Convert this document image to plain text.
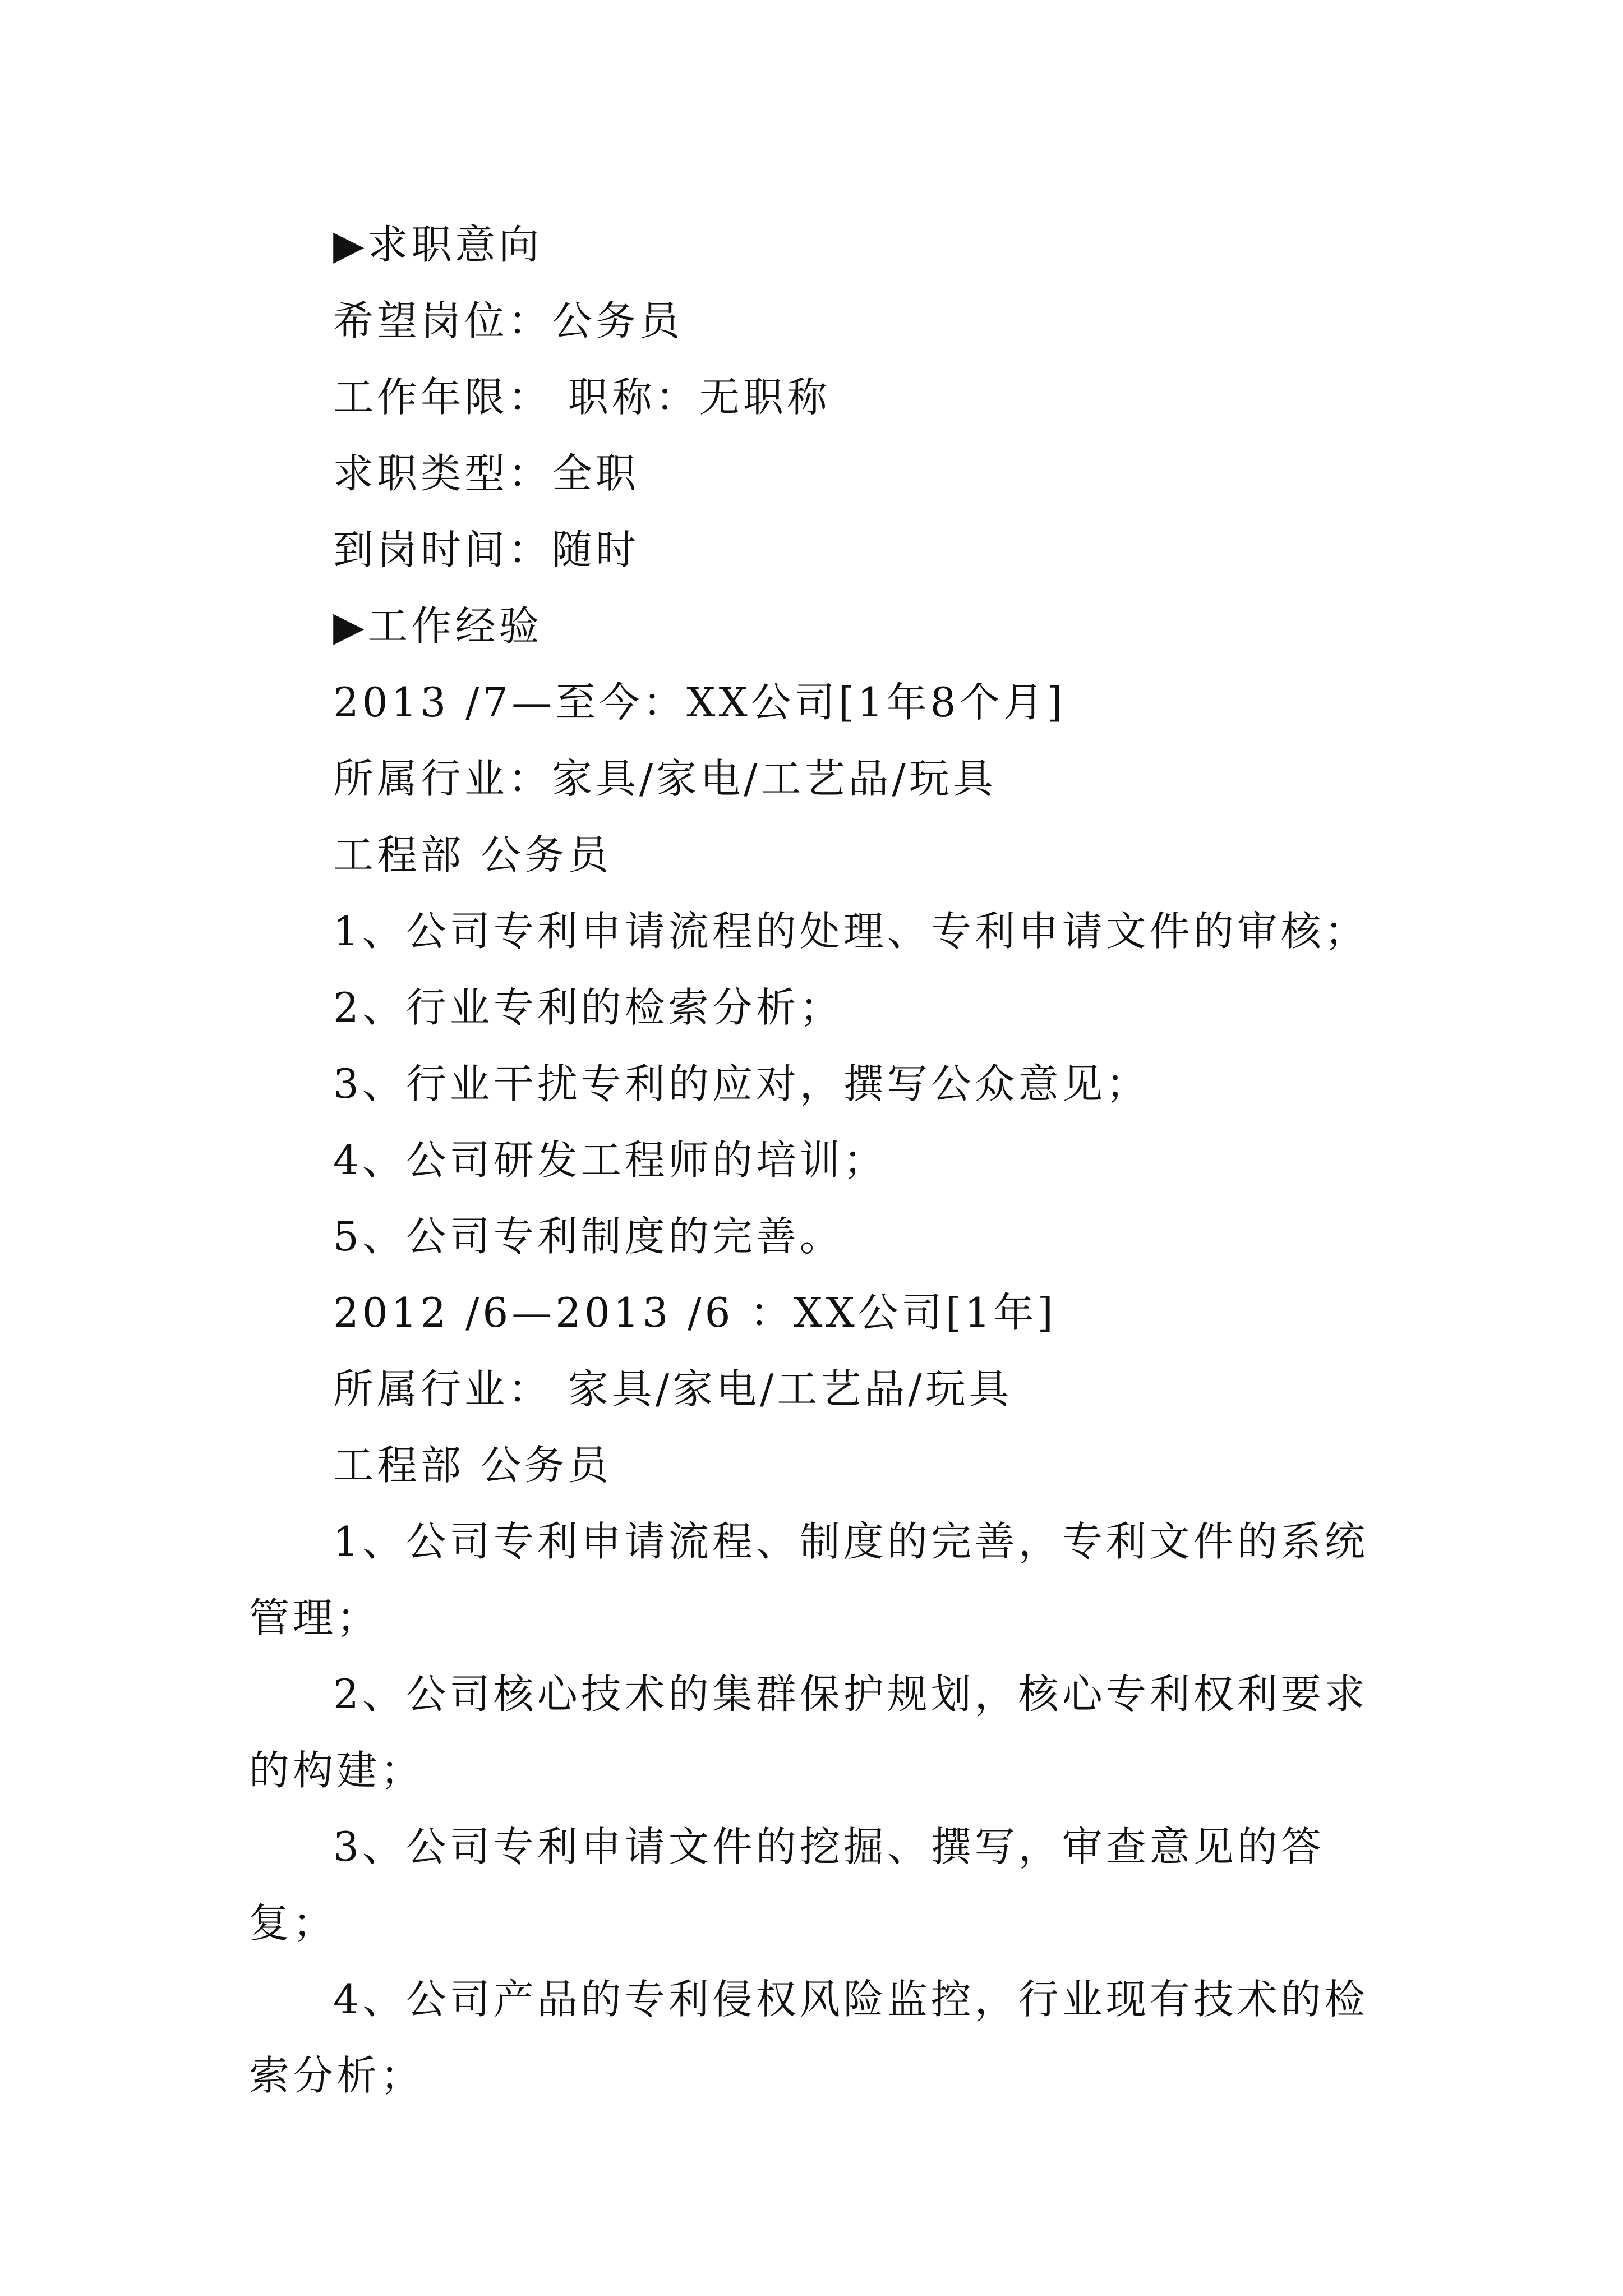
▶求职意向
希望岗位：公务员
工作年限： 职称：无职称
求职类型：全职
到岗时间：随时
▶工作经验
2013 /7—至今：XX公司[1年8个月]
所属行业：家具/家电/工艺品/玩具
工程部 公务员
1、公司专利申请流程的处理、专利申请文件的审核；
2、行业专利的检索分析；
3、行业干扰专利的应对，撰写公众意见；
4、公司研发工程师的培训；
5、公司专利制度的完善。
2012 /6—2013 /6 ：XX公司[1年]
所属行业： 家具/家电/工艺品/玩具
工程部 公务员
1、公司专利申请流程、制度的完善，专利文件的系统管理；
2、公司核心技术的集群保护规划，核心专利权利要求的构建；
3、公司专利申请文件的挖掘、撰写，审查意见的答复；
4、公司产品的专利侵权风险监控，行业现有技术的检索分析；
